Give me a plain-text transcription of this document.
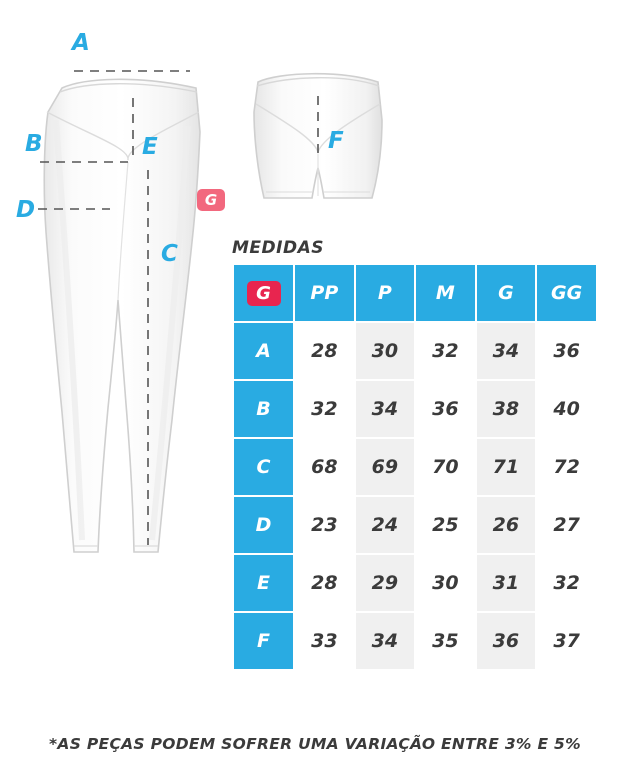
G
A
B	E
D
C
F
MEDIDAS
G	PP	P	M	G	GG
A	28	30	32	34	36
B	32	34	36	38	40
C	68	69	70	71	72
D	23	24	25	26	27
E	28	29	30	31	32
F	33	34	35	36	37
*AS PEÇAS PODEM SOFRER UMA VARIAÇÃO ENTRE 3% E 5%
